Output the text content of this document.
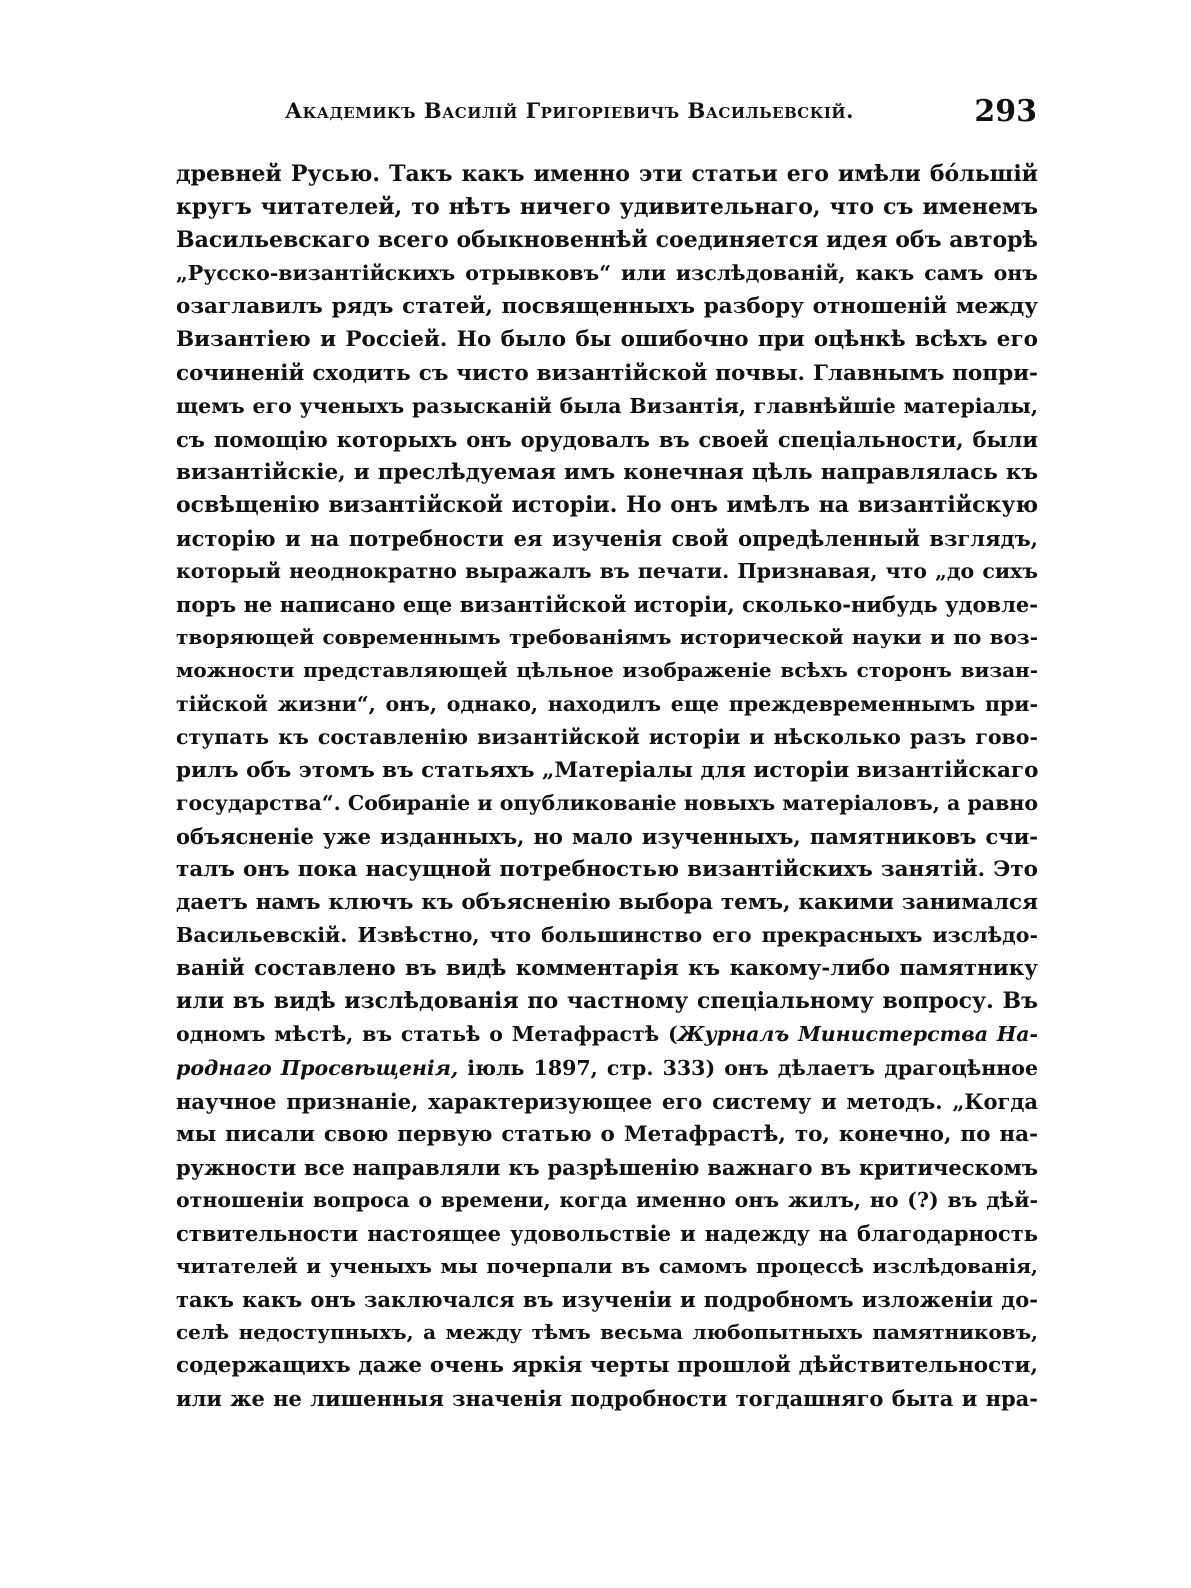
Академикъ Василій Григоріевичъ Васильевскій.	293
древней Русью. Такъ какъ именно эти статьи его имѣли бо́льшій
кругъ читателей, то нѣтъ ничего удивительнаго, что съ именемъ
Васильевскаго всего обыкновеннѣй соединяется идея объ авторѣ
„Русско-византійскихъ отрывковъ“ или изслѣдованій, какъ самъ онъ
озаглавилъ рядъ статей, посвященныхъ разбору отношеній между
Византіею и Россіей. Но было бы ошибочно при оцѣнкѣ всѣхъ его
сочиненій сходить съ чисто византійской почвы. Главнымъ попри-
щемъ его ученыхъ разысканій была Византія, главнѣйшіе матеріалы,
съ помощію которыхъ онъ орудовалъ въ своей спеціальности, были
византійскіе, и преслѣдуемая имъ конечная цѣль направлялась къ
освѣщенію византійской исторіи. Но онъ имѣлъ на византійскую
исторію и на потребности ея изученія свой опредѣленный взглядъ,
который неоднократно выражалъ въ печати. Признавая, что „до сихъ
поръ не написано еще византійской исторіи, сколько-нибудь удовле-
творяющей современнымъ требованіямъ исторической науки и по воз-
можности представляющей цѣльное изображеніе всѣхъ сторонъ визан-
тійской жизни“, онъ, однако, находилъ еще преждевременнымъ при-
ступать къ составленію византійской исторіи и нѣсколько разъ гово-
рилъ объ этомъ въ статьяхъ „Матеріалы для исторіи византійскаго
государства“. Собираніе и опубликованіе новыхъ матеріаловъ, а равно
объясненіе уже изданныхъ, но мало изученныхъ, памятниковъ счи-
талъ онъ пока насущной потребностью византійскихъ занятій. Это
даетъ намъ ключъ къ объясненію выбора темъ, какими занимался
Васильевскій. Извѣстно, что большинство его прекрасныхъ изслѣдо-
ваній составлено въ видѣ комментарія къ какому-либо памятнику
или въ видѣ изслѣдованія по частному спеціальному вопросу. Въ
одномъ мѣстѣ, въ статьѣ о Метафрастѣ (Журналъ Министерства На-
роднаго Просвѣщенія, іюль 1897, стр. 333) онъ дѣлаетъ драгоцѣнное
научное признаніе, характеризующее его систему и методъ. „Когда
мы писали свою первую статью о Метафрастѣ, то, конечно, по на-
ружности все направляли къ разрѣшенію важнаго въ критическомъ
отношеніи вопроса о времени, когда именно онъ жилъ, но (?) въ дѣй-
ствительности настоящее удовольствіе и надежду на благодарность
читателей и ученыхъ мы почерпали въ самомъ процессѣ изслѣдованія,
такъ какъ онъ заключался въ изученіи и подробномъ изложеніи до-
селѣ недоступныхъ, а между тѣмъ весьма любопытныхъ памятниковъ,
содержащихъ даже очень яркія черты прошлой дѣйствительности,
или же не лишенныя значенія подробности тогдашняго быта и нра-
